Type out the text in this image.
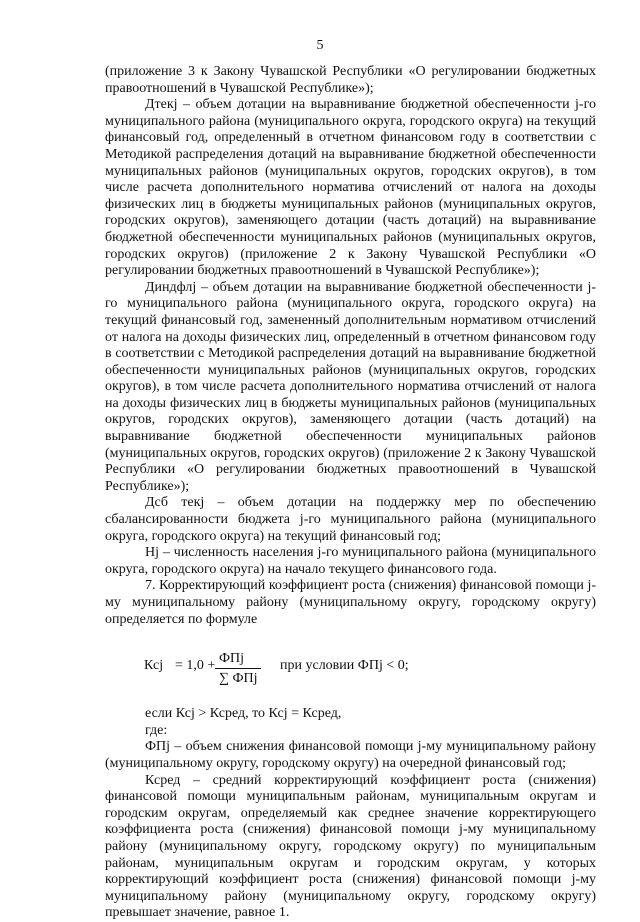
5

(приложение 3 к Закону Чувашской Республики «О регулировании бюджетных правоотношений в Чувашской Республике»);

Дтекj – объем дотации на выравнивание бюджетной обеспеченности j-го муниципального района (муниципального округа, городского округа) на текущий финансовый год, определенный в отчетном финансовом году в соответствии с Методикой распределения дотаций на выравнивание бюджетной обеспеченности муниципальных районов (муниципальных округов, городских округов), в том числе расчета дополнительного норматива отчислений от налога на доходы физических лиц в бюджеты муниципальных районов (муниципальных округов, городских округов), заменяющего дотации (часть дотаций) на выравнивание бюджетной обеспеченности муниципальных районов (муниципальных округов, городских округов) (приложение 2 к Закону Чувашской Республики «О регулировании бюджетных правоотношений в Чувашской Республике»);

Диндфлj – объем дотации на выравнивание бюджетной обеспеченности j-го муниципального района (муниципального округа, городского округа) на текущий финансовый год, замененный дополнительным нормативом отчислений от налога на доходы физических лиц, определенный в отчетном финансовом году в соответствии с Методикой распределения дотаций на выравнивание бюджетной обеспеченности муниципальных районов (муниципальных округов, городских округов), в том числе расчета дополнительного норматива отчислений от налога на доходы физических лиц в бюджеты муниципальных районов (муниципальных округов, городских округов), заменяющего дотации (часть дотаций) на выравнивание бюджетной обеспеченности муниципальных районов (муниципальных округов, городских округов) (приложение 2 к Закону Чувашской Республики «О регулировании бюджетных правоотношений в Чувашской Республике»);

Дсб текj – объем дотации на поддержку мер по обеспечению сбалансированности бюджета j-го муниципального района (муниципального округа, городского округа) на текущий финансовый год;

Hj – численность населения j-го муниципального района (муниципального округа, городского округа) на начало текущего финансового года.

7. Корректирующий коэффициент роста (снижения) финансовой помощи j-му муниципальному району (муниципальному округу, городскому округу) определяется по формуле

Ксj = 1,0 + ФПj
∑ ФПj
при условии ФПj < 0;

если Ксj > Ксред, то Ксj = Ксред,

где:

ФПj – объем снижения финансовой помощи j-му муниципальному району (муниципальному округу, городскому округу) на очередной финансовый год;

Ксред – средний корректирующий коэффициент роста (снижения) финансовой помощи муниципальным районам, муниципальным округам и городским округам, определяемый как среднее значение корректирующего коэффициента роста (снижения) финансовой помощи j-му муниципальному району (муниципальному округу, городскому округу) по муниципальным районам, муниципальным округам и городским округам, у которых корректирующий коэффициент роста (снижения) финансовой помощи j-му муниципальному району (муниципальному округу, городскому округу) превышает значение, равное 1.
